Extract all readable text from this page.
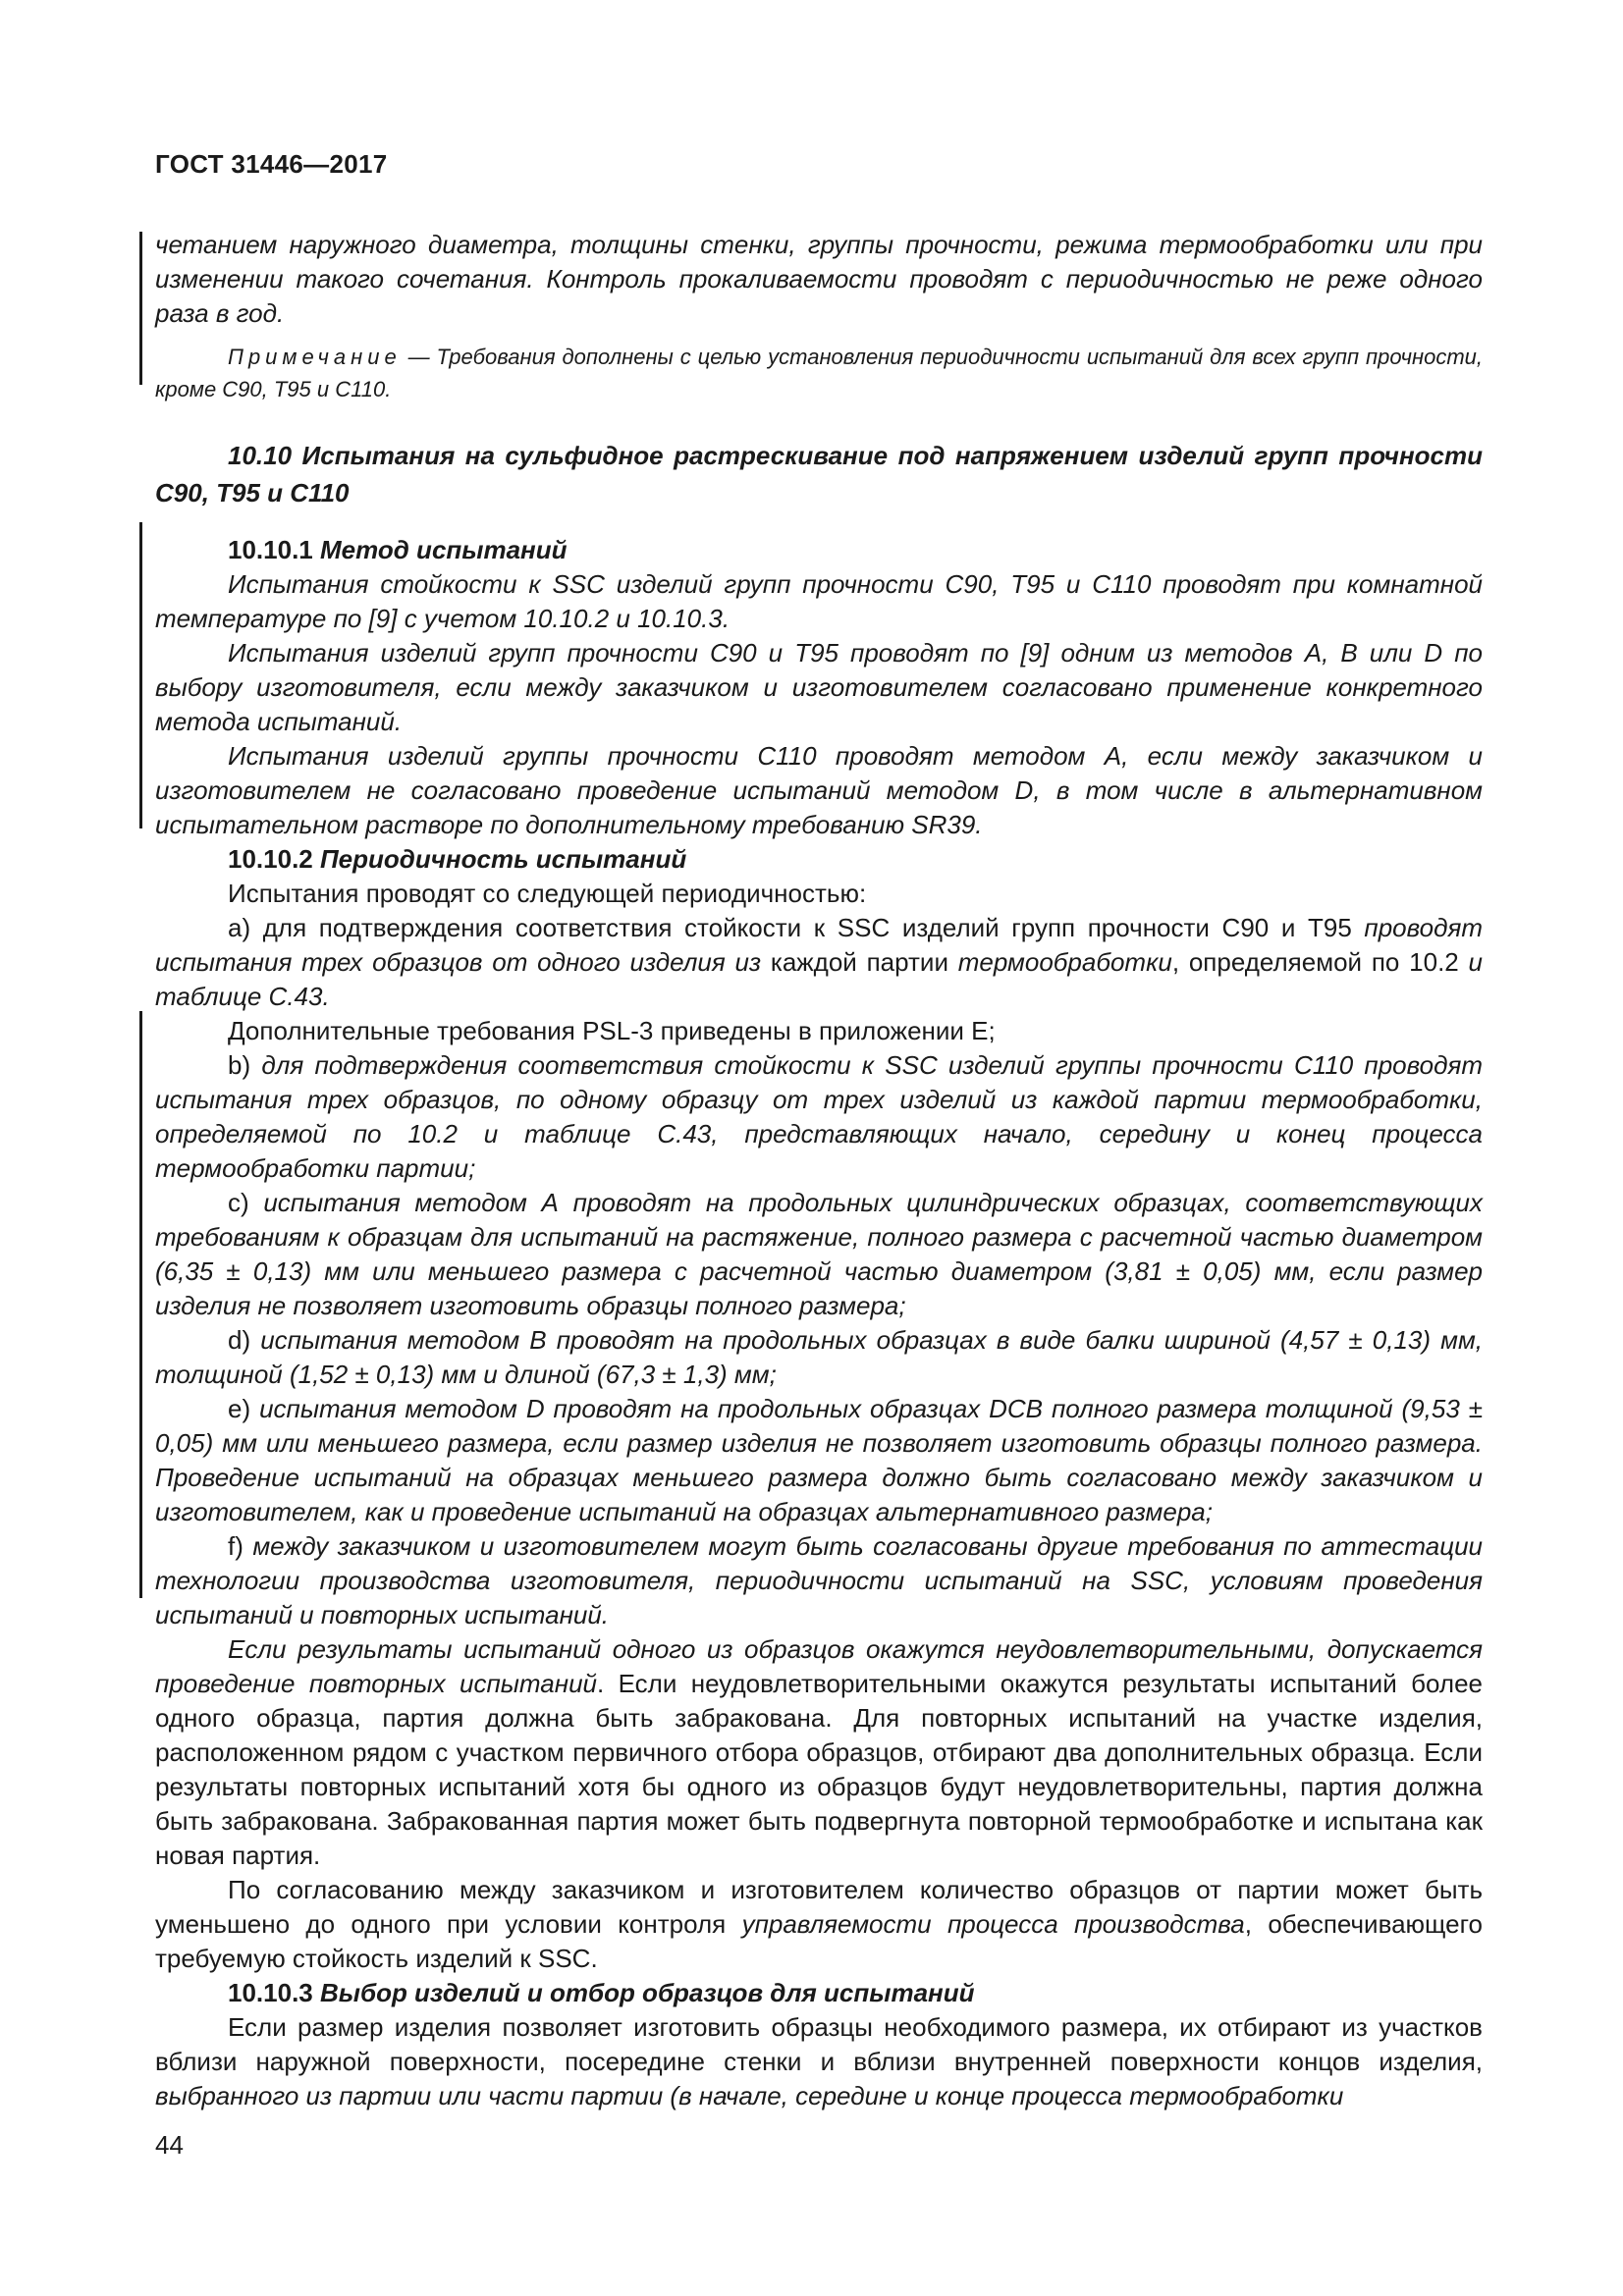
ГОСТ 31446—2017

четанием наружного диаметра, толщины стенки, группы прочности, режима термообработки или при изменении такого сочетания. Контроль прокаливаемости проводят с периодичностью не реже одного раза в год.

Примечание — Требования дополнены с целью установления периодичности испытаний для всех групп прочности, кроме С90, Т95 и С110.

10.10 Испытания на сульфидное растрескивание под напряжением изделий групп прочности С90, Т95 и С110

10.10.1 Метод испытаний

Испытания стойкости к SSC изделий групп прочности С90, Т95 и С110 проводят при комнатной температуре по [9] с учетом 10.10.2 и 10.10.3.

Испытания изделий групп прочности С90 и Т95 проводят по [9] одним из методов А, В или D по выбору изготовителя, если между заказчиком и изготовителем согласовано применение конкретного метода испытаний.

Испытания изделий группы прочности С110 проводят методом А, если между заказчиком и изготовителем не согласовано проведение испытаний методом D, в том числе в альтернативном испытательном растворе по дополнительному требованию SR39.

10.10.2 Периодичность испытаний

Испытания проводят со следующей периодичностью:

а) для подтверждения соответствия стойкости к SSC изделий групп прочности С90 и Т95 проводят испытания трех образцов от одного изделия из каждой партии термообработки, определяемой по 10.2 и таблице С.43.

Дополнительные требования PSL-3 приведены в приложении Е;

b) для подтверждения соответствия стойкости к SSC изделий группы прочности С110 проводят испытания трех образцов, по одному образцу от трех изделий из каждой партии термообработки, определяемой по 10.2 и таблице С.43, представляющих начало, середину и конец процесса термообработки партии;

с) испытания методом А проводят на продольных цилиндрических образцах, соответствующих требованиям к образцам для испытаний на растяжение, полного размера с расчетной частью диаметром (6,35 ± 0,13) мм или меньшего размера с расчетной частью диаметром (3,81 ± 0,05) мм, если размер изделия не позволяет изготовить образцы полного размера;

d) испытания методом В проводят на продольных образцах в виде балки шириной (4,57 ± 0,13) мм, толщиной (1,52 ± 0,13) мм и длиной (67,3 ± 1,3) мм;

е) испытания методом D проводят на продольных образцах DCB полного размера толщиной (9,53 ± 0,05) мм или меньшего размера, если размер изделия не позволяет изготовить образцы полного размера. Проведение испытаний на образцах меньшего размера должно быть согласовано между заказчиком и изготовителем, как и проведение испытаний на образцах альтернативного размера;

f) между заказчиком и изготовителем могут быть согласованы другие требования по аттестации технологии производства изготовителя, периодичности испытаний на SSC, условиям проведения испытаний и повторных испытаний.

Если результаты испытаний одного из образцов окажутся неудовлетворительными, допускается проведение повторных испытаний. Если неудовлетворительными окажутся результаты испытаний более одного образца, партия должна быть забракована. Для повторных испытаний на участке изделия, расположенном рядом с участком первичного отбора образцов, отбирают два дополнительных образца. Если результаты повторных испытаний хотя бы одного из образцов будут неудовлетворительны, партия должна быть забракована. Забракованная партия может быть подвергнута повторной термообработке и испытана как новая партия.

По согласованию между заказчиком и изготовителем количество образцов от партии может быть уменьшено до одного при условии контроля управляемости процесса производства, обеспечивающего требуемую стойкость изделий к SSC.

10.10.3 Выбор изделий и отбор образцов для испытаний

Если размер изделия позволяет изготовить образцы необходимого размера, их отбирают из участков вблизи наружной поверхности, посередине стенки и вблизи внутренней поверхности концов изделия, выбранного из партии или части партии (в начале, середине и конце процесса термообработки

44
